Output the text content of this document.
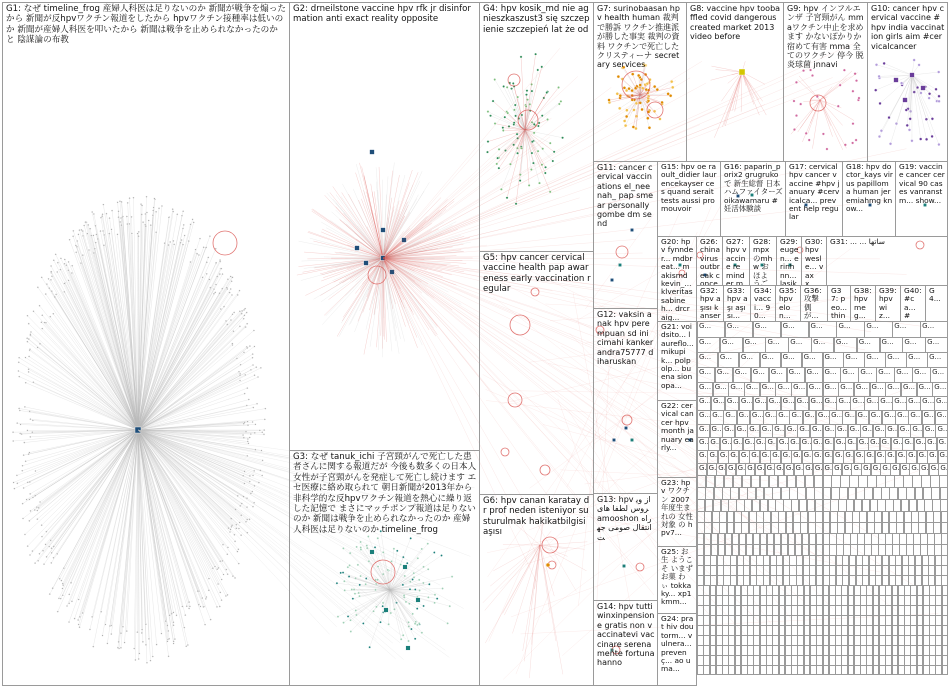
G1: なぜ timeline_frog 産婦人科医は足りないのか 新聞が戦争を煽ったから 新聞が反hpvワクチン報道をしたから hpvワクチン接種率は低いのか 新聞が産婦人科医を叩いたから 新聞は戦争を止められなかったのか と 陰謀論の布教
G2: drneilstone vaccine hpv rfk jr disinformation anti exact reality opposite
G3: なぜ tanuk_ichi 子宮頸がんで死亡した患者さんに関する報道だが 今後も数多くの日本人女性が子宮頸がんを発症して死亡し続けます エセ医療に絡め取られて 朝日新聞が2013年から非科学的な反hpvワクチン報道を熱心に繰り返した記憶で まさにマッチポンプ報道は足りないのか 新聞は戦争を止められなかったのか 産婦人科医は足りないのか timeline_frog
G4: hpv kosik_md nie agnieszkaszust3 się szczepienie szczepień lat że od
G5: hpv cancer cervical vaccine health pap awareness early vaccination regular
G6: hpv canan karatay dr prof neden isteniyor susturulmak hakikatbilgisi aşısı
G7: surinobaasan hpv health human 裁判で勝訴 ワクチン推進派が勝した事実 裁判の資料 ワクチンで死亡した クリスティーナ secretary services
G8: vaccine hpv toobaffled covid dangerous created market 2013 video before
G9: hpv インフルエンザ 子宮頸がん mmaワクチン中止を求めます かないぽかりか 宿めて有害 mma 全てのワクチン 停今 脱炎球菌 jnnavi
G10: cancer hpv cervical vaccine #hpv india vaccination girls aim #cervicalcancer
G11: cancer cervical vaccinations el_neenah_ pap smear personally gombe dm send
G12: vaksin anak hpv perempuan sd ini cimahi kanker andra75777 diharuskan
G13: hpv از ویروس لطفا های amooshon راه انتقال صومی جهت
G14: hpv tutti winxinpensione gratis non vaccinatevi vaccinare serenamente fortuna hanno
G15: hpv oe raoult_didier laurencekayser ces quand serait tests aussi promouvoir
G16: paparin_porix2 grugruko で 新生総督 日本ハムファイターズ oikawamaru # 妊活体験談
G17: cervical hpv cancer vaccine #hpv january #cervicalca... prevent help regular
G18: hpv doctor_kays virus papilloma human jeremiahmg know...
G19: vaccine cancer cervical 90 cases vanranstm... show...
G20: hpv fynnder... mdbreat... makismd kevin_... klveritas sabineh... drcraig...
G21: voidsito... laureflo... mikupik... polpolp... buena sionopa...
G22: cervical cancer hpv month january early...
G23: hpv ワクチン 2007年度生まれの 女性対象 の hpv7...
G25: お 生 ようこそ いまず お菓 わ ぃ tokkaky... xp1kmm...
G24: prat hiv doutorm... vulnera... prevenç... ao uma...
G26: china virus outbreak conce
G27: hpv vaccine reminder m
G28: mpxのmhw おほようご
G29: eugen... erinhnn... lasik
G30: hpv wesle... vaxx...
G31: ... ... ساتها
G32: hpv aşısı kanser
G33: hpv aşı aşısı...
G34: vacci... 90...
G35: hpv elon...
G36: 攻撃 偶が...
G37: peo... thin
G38: hpv meg...
G39: hpv wiz...
G40: #ca... #
G4...
G...	G...	G...	G...	G...	G...	G...	G...	G...
G...	G...	G...	G...	G...	G...	G...	G...	G...	G...	G...
G...	G...	G...	G...	G...	G...	G...	G...	G...	G...	G...	G...
G... G... G... G... G... G... G... G... G... G... G... G... G... G...
G... G... G... G... G... G... G... G... G... G... G... G... G... G... G... G...
G... G... G... G... G... G... G... G... G... G... G... G... G... G... G... G... G... G...
G... G... G... G... G... G... G... G... G... G... G... G... G... G... G... G... G... G... G...
G... G... G... G... G... G... G... G... G... G... G... G... G... G... G... G... G... G... G... G...
G.. G.. G.. G.. G.. G.. G.. G.. G.. G.. G.. G.. G.. G.. G.. G.. G.. G.. G.. G.. G.. G..
G. G. G. G. G. G. G. G. G. G. G. G. G. G. G. G. G. G. G. G. G. G. G. G.
G. G. G. G. G. G. G. G. G. G. G. G. G. G. G. G. G. G. G. G. G. G. G. G. G. G.
